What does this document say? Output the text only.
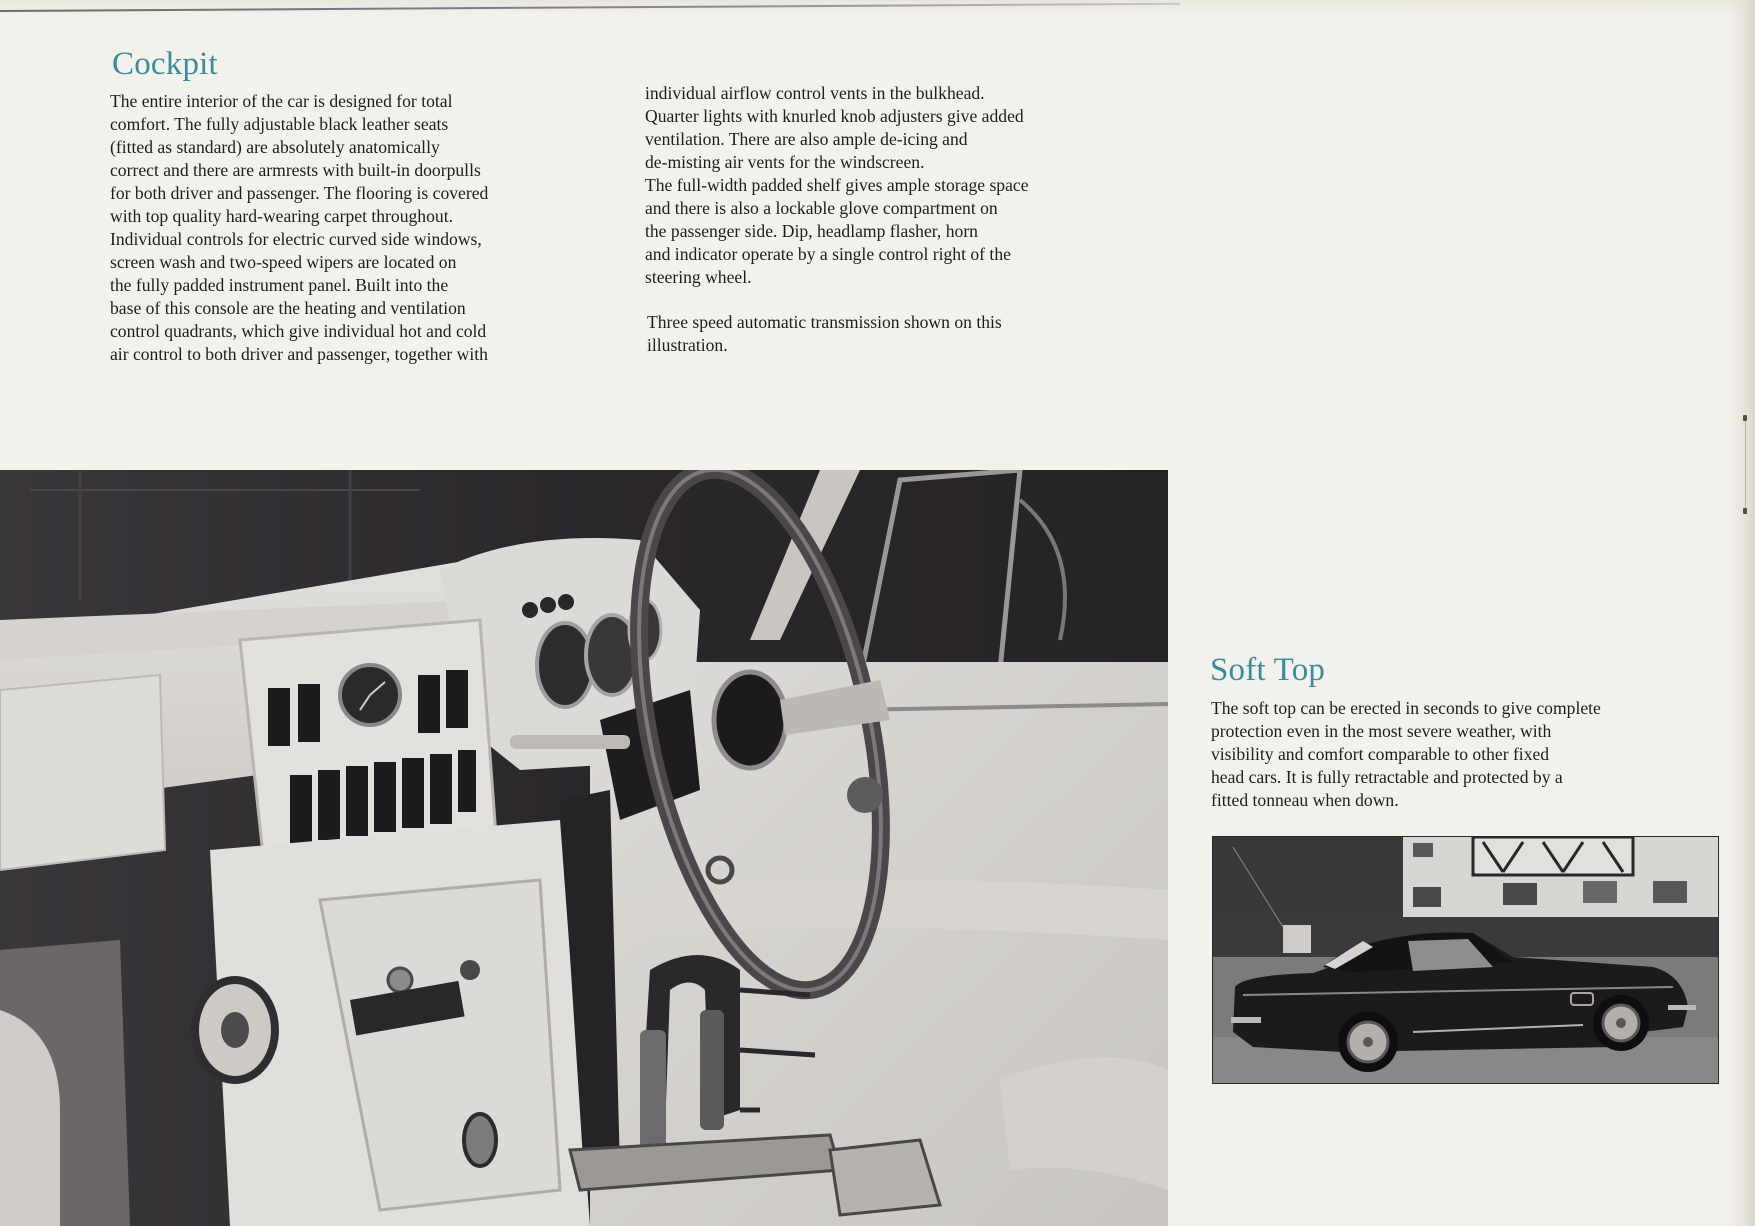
Cockpit

The entire interior of the car is designed for total
comfort. The fully adjustable black leather seats
(fitted as standard) are absolutely anatomically
correct and there are armrests with built-in doorpulls
for both driver and passenger. The flooring is covered
with top quality hard-wearing carpet throughout.
Individual controls for electric curved side windows,
screen wash and two-speed wipers are located on
the fully padded instrument panel. Built into the
base of this console are the heating and ventilation
control quadrants, which give individual hot and cold
air control to both driver and passenger, together with

individual airflow control vents in the bulkhead.
Quarter lights with knurled knob adjusters give added
ventilation. There are also ample de-icing and
de-misting air vents for the windscreen.
The full-width padded shelf gives ample storage space
and there is also a lockable glove compartment on
the passenger side. Dip, headlamp flasher, horn
and indicator operate by a single control right of the
steering wheel.

Three speed automatic transmission shown on this
illustration.

Soft Top

The soft top can be erected in seconds to give complete
protection even in the most severe weather, with
visibility and comfort comparable to other fixed
head cars. It is fully retractable and protected by a
fitted tonneau when down.
